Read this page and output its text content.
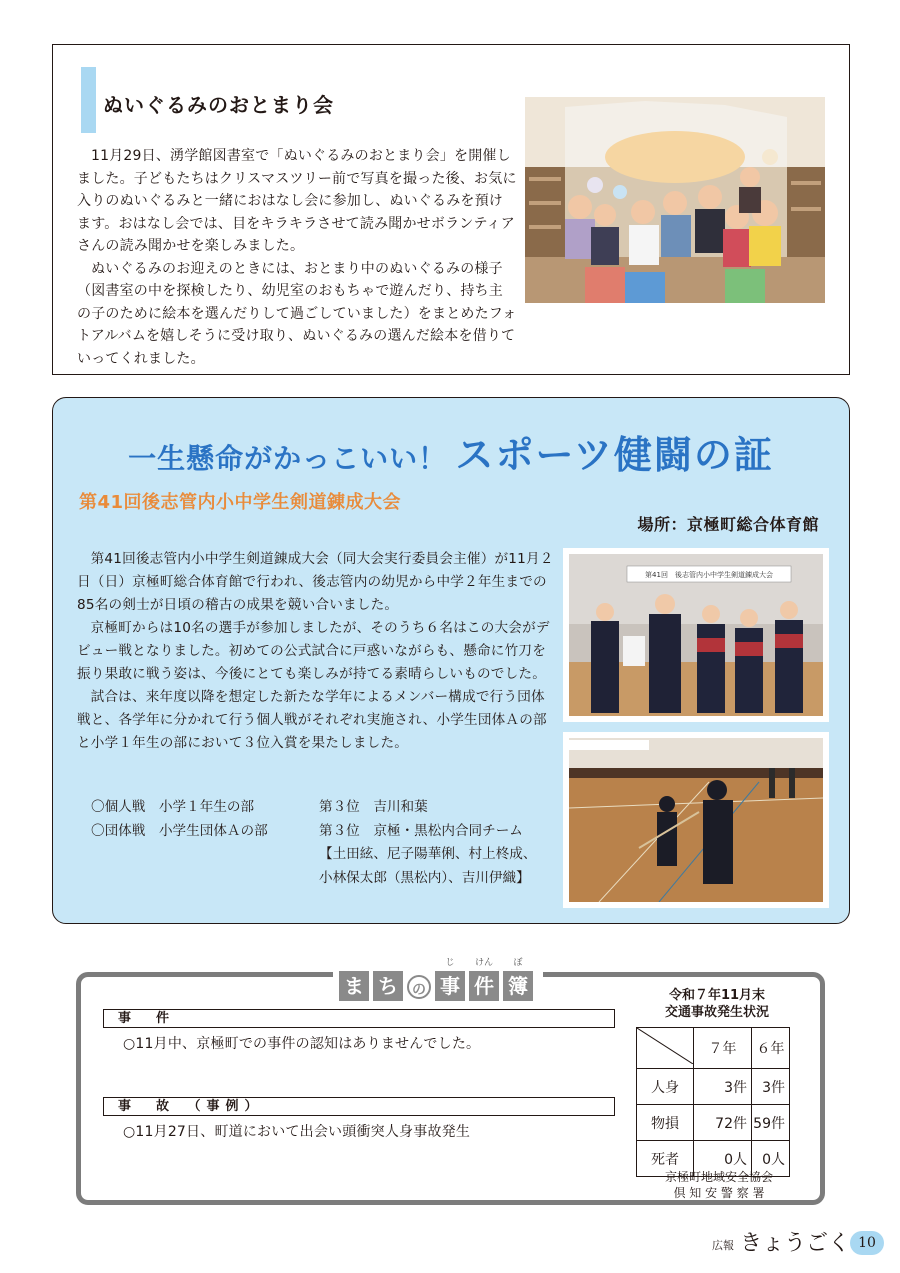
ぬいぐるみのおとまり会

11月29日、湧学館図書室で「ぬいぐるみのおとまり会」を開催しました。子どもたちはクリスマスツリー前で写真を撮った後、お気に入りのぬいぐるみと一緒におはなし会に参加し、ぬいぐるみを預けます。おはなし会では、目をキラキラさせて読み聞かせボランティアさんの読み聞かせを楽しみました。

ぬいぐるみのお迎えのときには、おとまり中のぬいぐるみの様子（図書室の中を探検したり、幼児室のおもちゃで遊んだり、持ち主の子のために絵本を選んだりして過ごしていました）をまとめたフォトアルバムを嬉しそうに受け取り、ぬいぐるみの選んだ絵本を借りていってくれました。

一生懸命がかっこいい！ スポーツ健闘の証
第41回後志管内小中学生剣道錬成大会
場所：京極町総合体育館

第41回後志管内小中学生剣道錬成大会（同大会実行委員会主催）が11月２日（日）京極町総合体育館で行われ、後志管内の幼児から中学２年生までの85名の剣士が日頃の稽古の成果を競い合いました。

京極町からは10名の選手が参加しましたが、そのうち６名はこの大会がデビュー戦となりました。初めての公式試合に戸惑いながらも、懸命に竹刀を振り果敢に戦う姿は、今後にとても楽しみが持てる素晴らしいものでした。

試合は、来年度以降を想定した新たな学年によるメンバー構成で行う団体戦と、各学年に分かれて行う個人戦がそれぞれ実施され、小学生団体Ａの部と小学１年生の部において３位入賞を果たしました。

〇個人戦　小学１年生の部	第３位　吉川和葉
〇団体戦　小学生団体Ａの部	第３位　京極・黒松内合同チーム
【土田絃、尼子陽華俐、村上柊成、
小林保太郎（黒松内）、吉川伊織】
第41回　後志管内小中学生剣道錬成大会
ま ち	の
じ
事
けん
件
ぼ
簿
事　件
○11月中、京極町での事件の認知はありませんでした。
事　故　（事例）
○11月27日、町道において出会い頭衝突人身事故発生
令和７年11月末
交通事故発生状況
	７年	６年
人身	3件	3件
物損	72件	59件
死者	0人	0人
京極町地域安全協会
倶 知 安 警 察 署
広報 きょうごく 10
